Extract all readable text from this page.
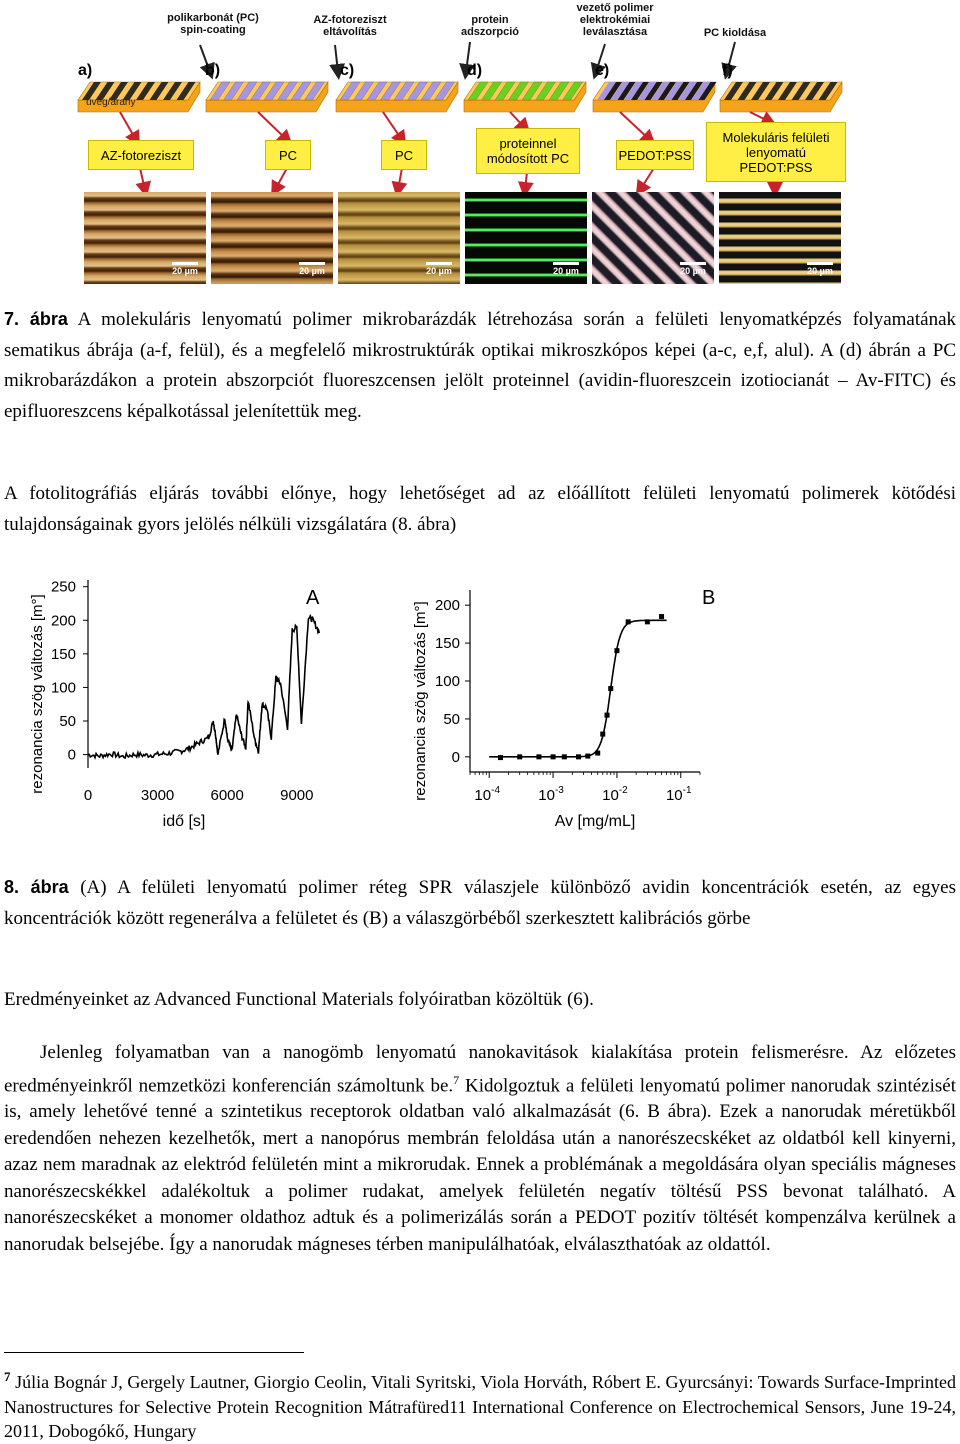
polikarbonát (PC)
spin-coating
AZ-fotoreziszt
eltávolítás
protein
adszorpció
vezető polimer
elektrokémiai
leválasztása	PC kioldása
a)	b)	c)	d)	e)	f)
üveg/arany
AZ-fotoreziszt	PC	PC
proteinnel
módosított PC	PEDOT:PSS
Molekuláris felületi
lenyomatú
PEDOT:PSS
20 µm	20 µm	20 µm	20 µm	20 µm	20 µm
7. ábra A molekuláris lenyomatú polimer mikrobarázdák létrehozása során a felületi lenyomatképzés folyamatának sematikus ábrája (a-f, felül), és a megfelelő mikrostruktúrák optikai mikroszkópos képei (a-c, e,f, alul). A (d) ábrán a PC mikrobarázdákon a protein abszorpciót fluoreszcensen jelölt proteinnel (avidin-fluoreszcein izotiocianát – Av-FITC) és epifluoreszcens képalkotással jelenítettük meg.
A fotolitográfiás eljárás további előnye, hogy lehetőséget ad az előállított felületi lenyomatú polimerek kötődési tulajdonságainak gyors jelölés nélküli vizsgálatára (8. ábra)
0
50
100
150
200
250
0	3000 6000 9000
idő [s]
rezonancia szög változás [m°]	A
0
50
100
150
200
$10^{-4}$	$10^{-3}$	$10^{-2}$	$10^{-1}$
Av [mg/mL]
rezonancia szög változás [m°]
B
8. ábra (A) A felületi lenyomatú polimer réteg SPR válaszjele különböző avidin koncentrációk esetén, az egyes koncentrációk között regenerálva a felületet és (B) a válaszgörbéből szerkesztett kalibrációs görbe
Eredményeinket az Advanced Functional Materials folyóiratban közöltük (6).
Jelenleg folyamatban van a nanogömb lenyomatú nanokavitások kialakítása protein felismerésre. Az előzetes eredményeinkről nemzetközi konferencián számoltunk be.$^7$ Kidolgoztuk a felületi lenyomatú polimer nanorudak szintézisét is, amely lehetővé tenné a szintetikus receptorok oldatban való alkalmazását (6. B ábra). Ezek a nanorudak méretükből eredendően nehezen kezelhetők, mert a nanopórus membrán feloldása után a nanorészecskéket az oldatból kell kinyerni, azaz nem maradnak az elektród felületén mint a mikrorudak. Ennek a problémának a megoldására olyan speciális mágneses nanorészecskékkel adalékoltuk a polimer rudakat, amelyek felületén negatív töltésű PSS bevonat található. A nanorészecskéket a monomer oldathoz adtuk és a polimerizálás során a PEDOT pozitív töltését kompenzálva kerülnek a nanorudak belsejébe. Így a nanorudak mágneses térben manipulálhatóak, elválaszthatóak az oldattól.
$^7$ Júlia Bognár J, Gergely Lautner, Giorgio Ceolin, Vitali Syritski, Viola Horváth, Róbert E. Gyurcsányi: Towards Surface-Imprinted Nanostructures for Selective Protein Recognition Mátrafüred11 International Conference on Electrochemical Sensors, June 19-24, 2011, Dobogókő, Hungary
